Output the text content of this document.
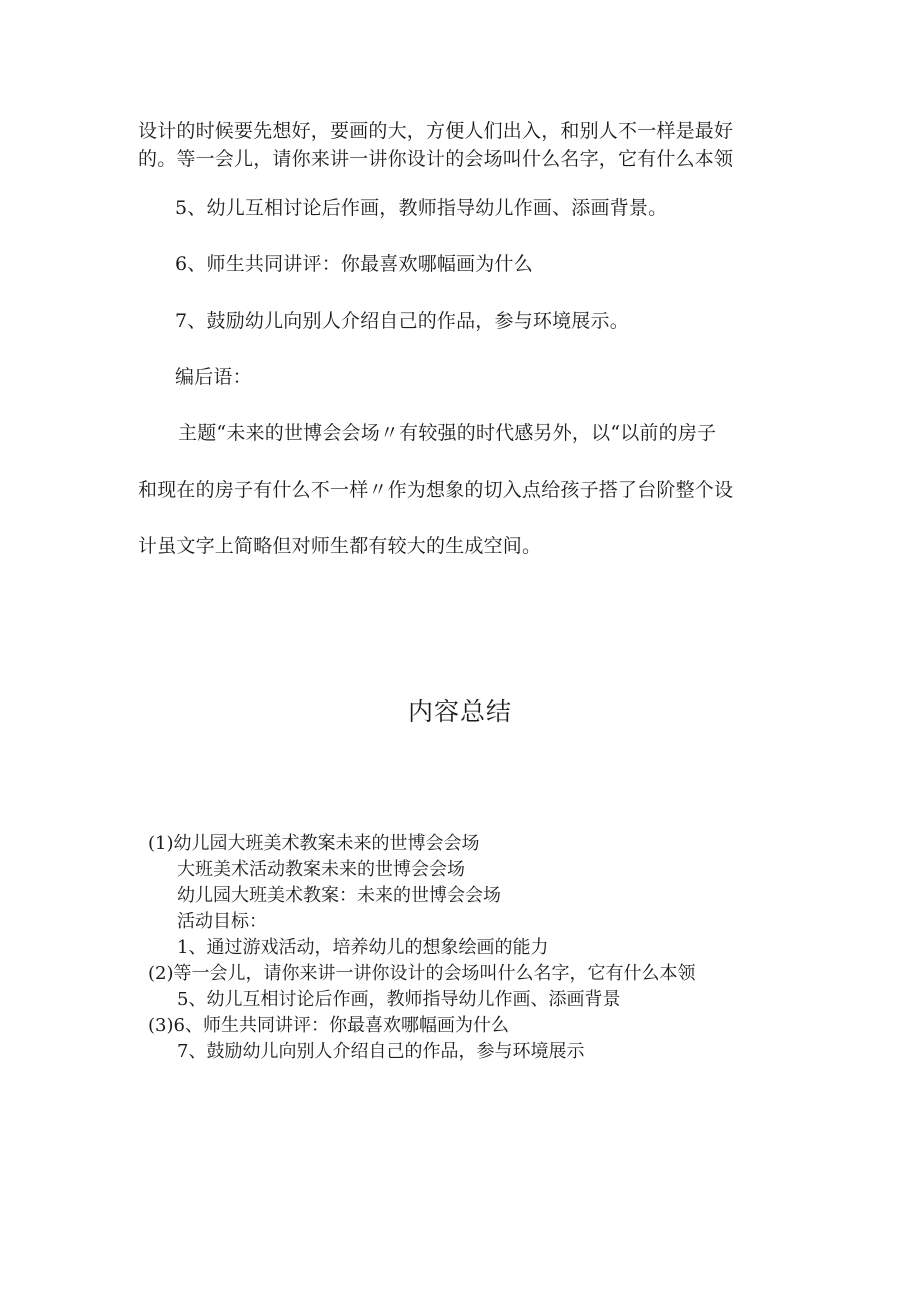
设计的时候要先想好，要画的大，方便人们出入，和别人不一样是最好
的。等一会儿，请你来讲一讲你设计的会场叫什么名字，它有什么本领
5、幼儿互相讨论后作画，教师指导幼儿作画、添画背景。
6、师生共同讲评：你最喜欢哪幅画为什么
7、鼓励幼儿向别人介绍自己的作品，参与环境展示。
编后语：
主题“未来的世博会会场〃有较强的时代感另外，以“以前的房子
和现在的房子有什么不一样〃作为想象的切入点给孩子搭了台阶整个设
计虽文字上简略但对师生都有较大的生成空间。
内容总结
(1)幼儿园大班美术教案未来的世博会会场
大班美术活动教案未来的世博会会场
幼儿园大班美术教案：未来的世博会会场
活动目标：
1、通过游戏活动，培养幼儿的想象绘画的能力
(2)等一会儿，请你来讲一讲你设计的会场叫什么名字，它有什么本领
5、幼儿互相讨论后作画，教师指导幼儿作画、添画背景
(3)6、师生共同讲评：你最喜欢哪幅画为什么
7、鼓励幼儿向别人介绍自己的作品，参与环境展示
